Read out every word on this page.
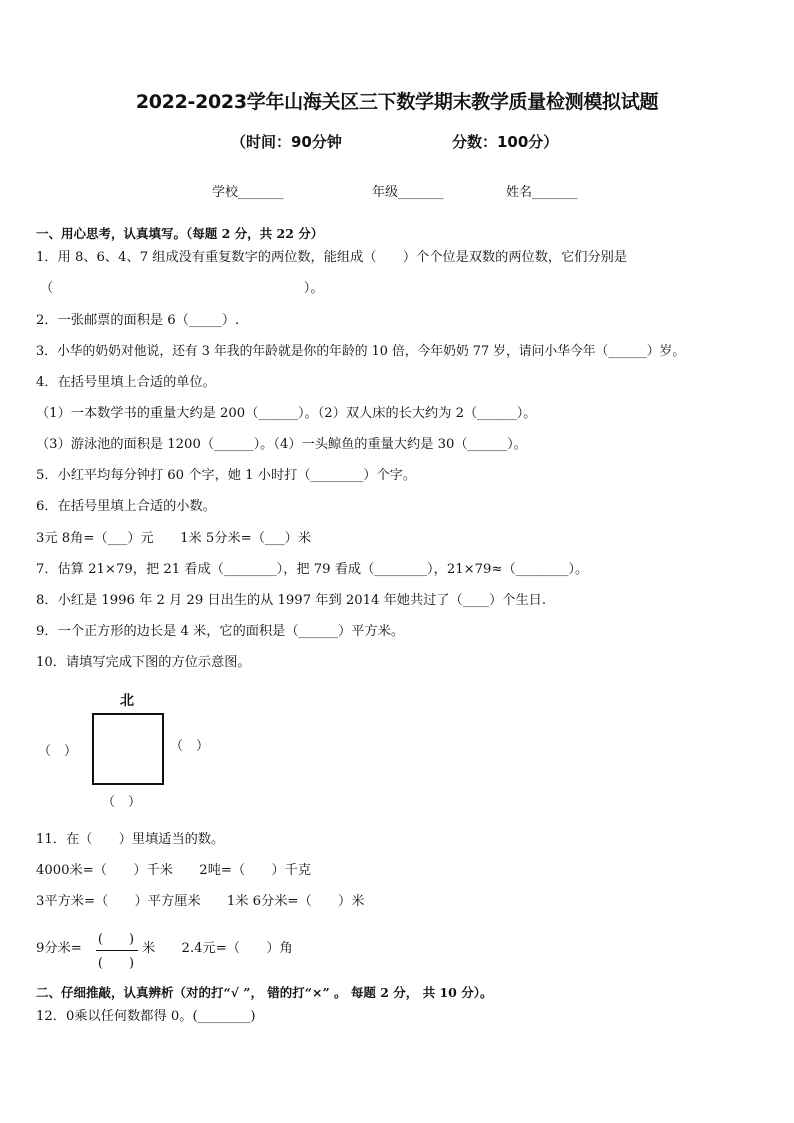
2022-2023学年山海关区三下数学期末教学质量检测模拟试题
（时间：90分钟	分数：100分）
学校_______	年级_______	姓名_______
一、用心思考，认真填写。（每题 2 分，共 22 分）
1．用 8、6、4、7 组成没有重复数字的两位数，能组成（　　）个个位是双数的两位数，它们分别是
（　　　　　　　　　　　　　　　　　　　）。
2．一张邮票的面积是 6（_____）.
3．小华的奶奶对他说，还有 3 年我的年龄就是你的年龄的 10 倍，今年奶奶 77 岁，请问小华今年（______）岁。
4．在括号里填上合适的单位。
（1）一本数学书的重量大约是 200（______）。（2）双人床的长大约为 2（______）。
（3）游泳池的面积是 1200（______）。（4）一头鲸鱼的重量大约是 30（______）。
5．小红平均每分钟打 60 个字，她 1 小时打（________）个字。
6．在括号里填上合适的小数。
3元 8角=（___）元　　1米 5分米=（___）米
7．估算 21×79，把 21 看成（________），把 79 看成（________），21×79≈（________）。
8．小红是 1996 年 2 月 29 日出生的从 1997 年到 2014 年她共过了（____）个生日.
9．一个正方形的边长是 4 米，它的面积是（______）平方米。
10．请填写完成下图的方位示意图。
北
（　）	（　）
（　）
11．在（　　）里填适当的数。
4000米=（　　）千米　　2吨=（　　）千克
3平方米=（　　）平方厘米　　1米 6分米=（　　）米
9分米=
(　　)
(　　)
米　　2.4元=（　　）角
二、仔细推敲，认真辨析（对的打“√ ”， 错的打“×” 。 每题 2 分， 共 10 分）。
12．0乘以任何数都得 0。(________)
